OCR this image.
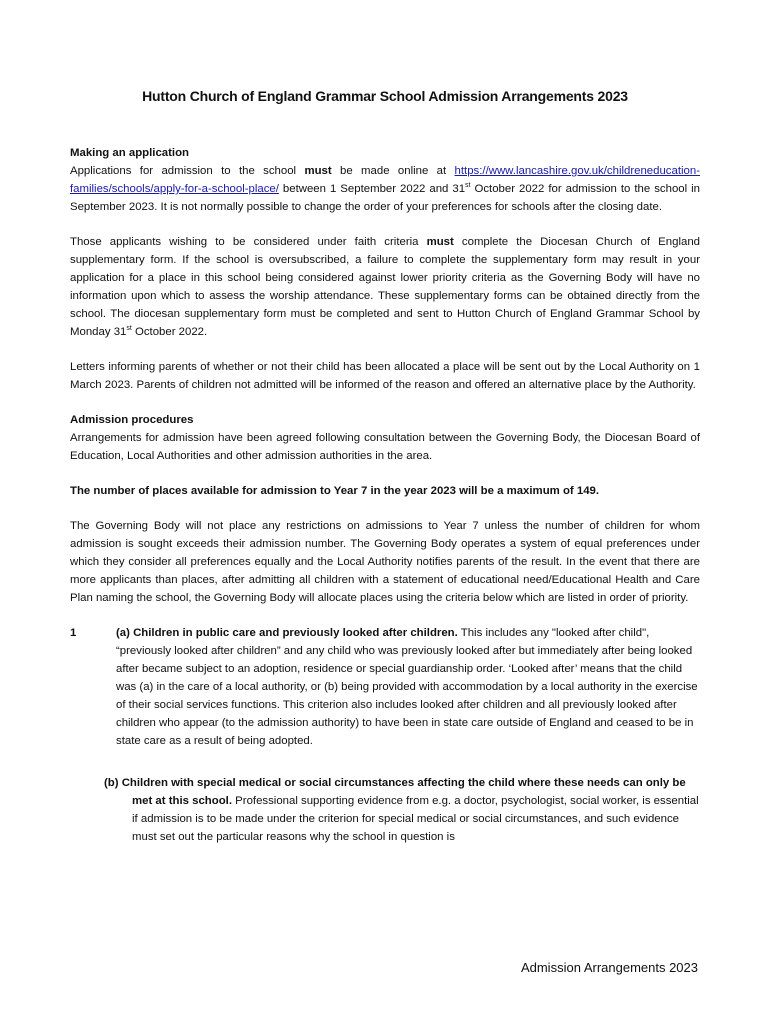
Hutton Church of England Grammar School Admission Arrangements 2023

Making an application
Applications for admission to the school must be made online at https://www.lancashire.gov.uk/childreneducation-families/schools/apply-for-a-school-place/ between 1 September 2022 and 31st October 2022 for admission to the school in September 2023. It is not normally possible to change the order of your preferences for schools after the closing date.

Those applicants wishing to be considered under faith criteria must complete the Diocesan Church of England supplementary form. If the school is oversubscribed, a failure to complete the supplementary form may result in your application for a place in this school being considered against lower priority criteria as the Governing Body will have no information upon which to assess the worship attendance. These supplementary forms can be obtained directly from the school. The diocesan supplementary form must be completed and sent to Hutton Church of England Grammar School by Monday 31st October 2022.

Letters informing parents of whether or not their child has been allocated a place will be sent out by the Local Authority on 1 March 2023. Parents of children not admitted will be informed of the reason and offered an alternative place by the Authority.

Admission procedures
Arrangements for admission have been agreed following consultation between the Governing Body, the Diocesan Board of Education, Local Authorities and other admission authorities in the area.

The number of places available for admission to Year 7 in the year 2023 will be a maximum of 149.

The Governing Body will not place any restrictions on admissions to Year 7 unless the number of children for whom admission is sought exceeds their admission number. The Governing Body operates a system of equal preferences under which they consider all preferences equally and the Local Authority notifies parents of the result. In the event that there are more applicants than places, after admitting all children with a statement of educational need/Educational Health and Care Plan naming the school, the Governing Body will allocate places using the criteria below which are listed in order of priority.

1	(a) Children in public care and previously looked after children. This includes any "looked after child", “previously looked after children” and any child who was previously looked after but immediately after being looked after became subject to an adoption, residence or special guardianship order. ‘Looked after’ means that the child was (a) in the care of a local authority, or (b) being provided with accommodation by a local authority in the exercise of their social services functions. This criterion also includes looked after children and all previously looked after children who appear (to the admission authority) to have been in state care outside of England and ceased to be in state care as a result of being adopted.
(b) Children with special medical or social circumstances affecting the child where these needs can only be met at this school. Professional supporting evidence from e.g. a doctor, psychologist, social worker, is essential if admission is to be made under the criterion for special medical or social circumstances, and such evidence must set out the particular reasons why the school in question is
Admission Arrangements 2023
